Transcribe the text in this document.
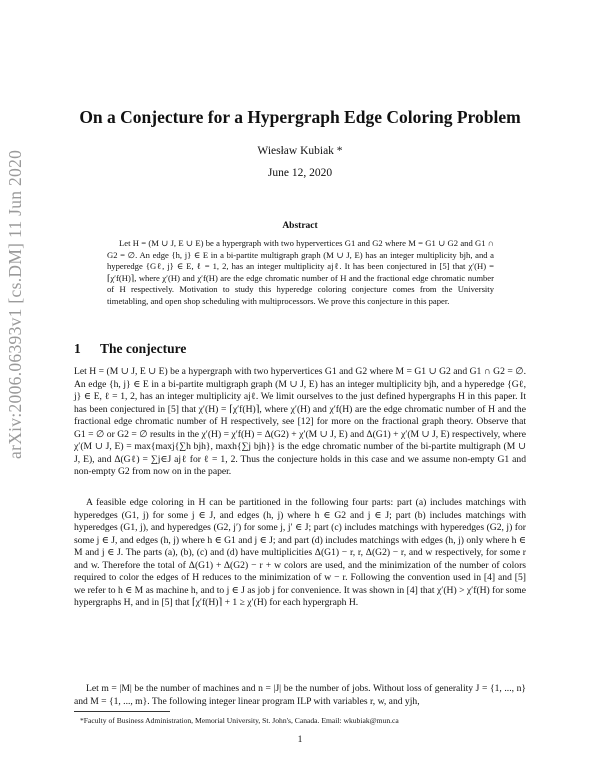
arXiv:2006.06393v1 [cs.DM] 11 Jun 2020
On a Conjecture for a Hypergraph Edge Coloring Problem
Wiesław Kubiak *
June 12, 2020
Abstract
Let H = (M ∪ J, E ∪ E) be a hypergraph with two hypervertices G1 and G2 where M = G1 ∪ G2 and G1 ∩ G2 = ∅. An edge {h, j} ∈ E in a bi-partite multigraph graph (M ∪ J, E) has an integer multiplicity bjh, and a hyperedge {Gℓ, j} ∈ E, ℓ = 1, 2, has an integer multiplicity ajℓ. It has been conjectured in [5] that χ′(H) = ⌈χ′f(H)⌉, where χ′(H) and χ′f(H) are the edge chromatic number of H and the fractional edge chromatic number of H respectively. Motivation to study this hyperedge coloring conjecture comes from the University timetabling, and open shop scheduling with multiprocessors. We prove this conjecture in this paper.
1 The conjecture
Let H = (M ∪ J, E ∪ E) be a hypergraph with two hypervertices G1 and G2 where M = G1 ∪ G2 and G1 ∩ G2 = ∅. An edge {h, j} ∈ E in a bi-partite multigraph graph (M ∪ J, E) has an integer multiplicity bjh, and a hyperedge {Gℓ, j} ∈ E, ℓ = 1, 2, has an integer multiplicity ajℓ. We limit ourselves to the just defined hypergraphs H in this paper. It has been conjectured in [5] that χ′(H) = ⌈χ′f(H)⌉, where χ′(H) and χ′f(H) are the edge chromatic number of H and the fractional edge chromatic number of H respectively, see [12] for more on the fractional graph theory. Observe that G1 = ∅ or G2 = ∅ results in the χ′(H) = χ′f(H) = Δ(G2) + χ′(M ∪ J, E) and Δ(G1) + χ′(M ∪ J, E) respectively, where χ′(M ∪ J, E) = max{maxj{∑h bjh}, maxh{∑j bjh}} is the edge chromatic number of the bi-partite multigraph (M ∪ J, E), and Δ(Gℓ) = ∑j∈J ajℓ for ℓ = 1, 2. Thus the conjecture holds in this case and we assume non-empty G1 and non-empty G2 from now on in the paper.
A feasible edge coloring in H can be partitioned in the following four parts: part (a) includes matchings with hyperedges (G1, j) for some j ∈ J, and edges (h, j) where h ∈ G2 and j ∈ J; part (b) includes matchings with hyperedges (G1, j), and hyperedges (G2, j′) for some j, j′ ∈ J; part (c) includes matchings with hyperedges (G2, j) for some j ∈ J, and edges (h, j) where h ∈ G1 and j ∈ J; and part (d) includes matchings with edges (h, j) only where h ∈ M and j ∈ J. The parts (a), (b), (c) and (d) have multiplicities Δ(G1) − r, r, Δ(G2) − r, and w respectively, for some r and w. Therefore the total of Δ(G1) + Δ(G2) − r + w colors are used, and the minimization of the number of colors required to color the edges of H reduces to the minimization of w − r. Following the convention used in [4] and [5] we refer to h ∈ M as machine h, and to j ∈ J as job j for convenience. It was shown in [4] that χ′(H) > χ′f(H) for some hypergraphs H, and in [5] that ⌈χ′f(H)⌉ + 1 ≥ χ′(H) for each hypergraph H.
Let m = |M| be the number of machines and n = |J| be the number of jobs. Without loss of generality J = {1, ..., n} and M = {1, ..., m}. The following integer linear program ILP with variables r, w, and yjh,
*Faculty of Business Administration, Memorial University, St. John's, Canada. Email: wkubiak@mun.ca
1
